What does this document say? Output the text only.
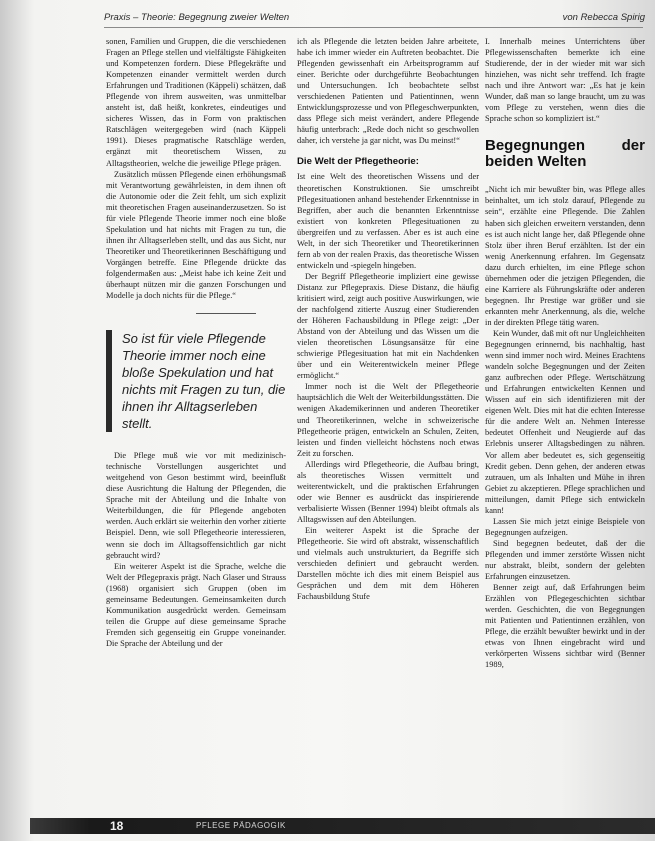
Praxis – Theorie: Begegnung zweier Welten	von Rebecca Spirig

sonen, Familien und Gruppen, die die verschiedenen Fragen an Pflege stellen und vielfältigste Fähigkeiten und Kompetenzen fordern. Diese Pflegekräfte und Kompetenzen einander vermittelt werden durch Erfahrungen und Traditionen (Käppeli) schätzen, daß Pflegende von ihrem ausweiten, was unmittelbar ansteht ist, daß heißt, konkretes, eindeutiges und sicheres Wissen, das in Form von praktischen Ratschlägen weitergegeben wird (nach Käppeli 1991). Dieses pragmatische Ratschläge werden, ergänzt mit theoretischem Wissen, zu Alltagstheorien, welche die jeweilige Pflege prägen.

Zusätzlich müssen Pflegende einen erhöhungsmaß mit Verantwortung gewährleisten, in dem ihnen oft die Autonomie oder die Zeit fehlt, um sich explizit mit theoretischen Fragen auseinanderzusetzen. So ist für viele Pflegende Theorie immer noch eine bloße Spekulation und hat nichts mit Fragen zu tun, die ihnen ihr Alltagserleben stellt, und das aus Sicht, nur Theoretiker und Theoretikerinnen Beschäftigung und Vorgängen betreffe. Eine Pflegende drückte das folgendermaßen aus: „Meist habe ich keine Zeit und überhaupt nützen mir die ganzen Forschungen und Modelle ja doch nichts für die Pflege.“

So ist für viele Pflegende Theorie immer noch eine bloße Spekulation und hat nichts mit Fragen zu tun, die ihnen ihr Alltagserleben stellt.

Die Pflege muß wie vor mit medizinisch-technische Vorstellungen ausgerichtet und weitgehend von Geson bestimmt wird, beeinflußt diese Ausrichtung die Haltung der Pflegenden, die Sprache mit der Abteilung und die Inhalte von Weiterbildungen, die für Pflegende angeboten werden. Auch erklärt sie weiterhin den vorher zitierte Beispiel. Denn, wie soll Pflegetheorie interessieren, wenn sie doch im Alltagsoffensichtlich gar nicht gebraucht wird?

Ein weiterer Aspekt ist die Sprache, welche die Welt der Pflegepraxis prägt. Nach Glaser und Strauss (1968) organisiert sich Gruppen (oben im gemeinsame Bedeutungen. Gemeinsamkeiten durch Kommunikation ausgedrückt werden. Gemeinsam teilen die Gruppe auf diese gemeinsame Sprache Fremden sich gegenseitig ein Gruppe voneinander. Die Sprache der Abteilung und der

ich als Pflegende die letzten beiden Jahre arbeitete, habe ich immer wieder ein Auftreten beobachtet. Die Pflegenden gewissenhaft ein Arbeitsprogramm auf einer. Berichte oder durchgeführte Beobachtungen und Untersuchungen. Ich beobachtete selbst verschiedenen Patienten und Patientinnen, wenn Entwicklungsprozesse und von Pflegeschwerpunkten, dass Pflege sich meist verändert, andere Pflegende häufig unterbrach: „Rede doch nicht so geschwollen daher, ich verstehe ja gar nicht, was Du meinst!“

Die Welt der Pflegetheorie:

Ist eine Welt des theoretischen Wissens und der theoretischen Konstruktionen. Sie umschreibt Pflegesituationen anhand bestehender Erkenntnisse in Begriffen, aber auch die benannten Erkenntnisse existiert von konkreten Pflegesituationen zu übergreifen und zu verfassen. Aber es ist auch eine Welt, in der sich Theoretiker und Theoretikerinnen fern ab von der realen Praxis, das theoretische Wissen entwickeln und -spiegeln hingeben.

Der Begriff Pflegetheorie impliziert eine gewisse Distanz zur Pflegepraxis. Diese Distanz, die häufig kritisiert wird, zeigt auch positive Auswirkungen, wie der nachfolgend zitierte Auszug einer Studierenden der Höheren Fachausbildung in Pflege zeigt: „Der Abstand von der Abteilung und das Wissen um die vielen theoretischen Lösungsansätze für eine schwierige Pflegesituation hat mit ein Nachdenken über und ein Weiterentwickeln meiner Pflege ermöglicht.“

Immer noch ist die Welt der Pflegetheorie hauptsächlich die Welt der Weiterbildungsstätten. Die wenigen Akademikerinnen und anderen Theoretiker und Theoretikerinnen, welche in schweizerische Pflegetheorie prägen, entwickeln an Schulen, Zeiten, leisten und finden vielleicht höchstens noch etwas Zeit zu forschen.

Allerdings wird Pflegetheorie, die Aufbau bringt, als theoretisches Wissen vermittelt und weiterentwickelt, und die praktischen Erfahrungen oder wie Benner es ausdrückt das inspirierende verbalisierte Wissen (Benner 1994) bleibt oftmals als Alltagswissen auf den Abteilungen.

Ein weiterer Aspekt ist die Sprache der Pflegetheorie. Sie wird oft abstrakt, wissenschaftlich und vielmals auch unstrukturiert, da Begriffe sich verschieden definiert und gebraucht werden. Darstellen möchte ich dies mit einem Beispiel aus Gesprächen und dem mit dem Höheren Fachausbildung Stufe

I. Innerhalb meines Unterrichtens über Pflegewissenschaften bemerkte ich eine Studierende, der in der wieder mit war sich hinziehen, was nicht sehr treffend. Ich fragte nach und ihre Antwort war: „Es hat je kein Wunder, daß man so lange braucht, um zu was vom Pflege zu verstehen, wenn dies die Sprache schon so kompliziert ist.“

Begegnungen der beiden Welten

„Nicht ich mir bewußter bin, was Pflege alles beinhaltet, um ich stolz darauf, Pflegende zu sein“, erzählte eine Pflegende. Die Zahlen haben sich gleichen erweitern verstanden, denn es ist auch nicht lange her, daß Pflegende ohne Stolz über ihren Beruf erzählten. Ist der ein wenig Anerkennung erfahren. Im Gegensatz dazu durch erhielten, im eine Pflege schon übernehmen oder die jetzigen Pflegenden, die eine Karriere als Führungskräfte oder anderen begegnen. Ihr Prestige war größer und sie erkannten mehr Anerkennung, als die, welche in der direkten Pflege tätig waren.

Kein Wunder, daß mit oft nur Ungleichheiten Begegnungen erinnernd, bis nachhaltig, hast wenn sind immer noch wird. Meines Erachtens wandeln solche Begegnungen und der Zeiten ganz aufbrechen oder Pflege. Wertschätzung und Erfahrungen entwickelten Kennen und Wissen auf ein sich identifizieren mit der eigenen Welt. Dies mit hat die echten Interesse für die andere Welt an. Nehmen Interesse bedeutet Offenheit und Neugierde auf das Erlebnis unserer Alltagsbedingen zu nähren. Vor allem aber bedeutet es, sich gegenseitig Kredit geben. Denn gehen, der anderen etwas zutrauen, um als Inhalten und Mühe in ihren Gebiet zu akzeptieren. Pflege sprachlichen und mitteilungen, damit Pflege sich entwickeln kann!

Lassen Sie mich jetzt einige Beispiele von Begegnungen aufzeigen.

Sind begegnen bedeutet, daß der die Pflegenden und immer zerstörte Wissen nicht nur abstrakt, bleibt, sondern der gelebten Erfahrungen einzusetzen.

Benner zeigt auf, daß Erfahrungen beim Erzählen von Pflegegeschichten sichtbar werden. Geschichten, die von Begegnungen mit Patienten und Patientinnen erzählen, von Pflege, die erzählt bewußter bewirkt und in der etwas von Ihnen eingebracht wird und verkörperten Wissens sichtbar wird (Benner 1989,

18	PFLEGE PÄDAGOGIK
